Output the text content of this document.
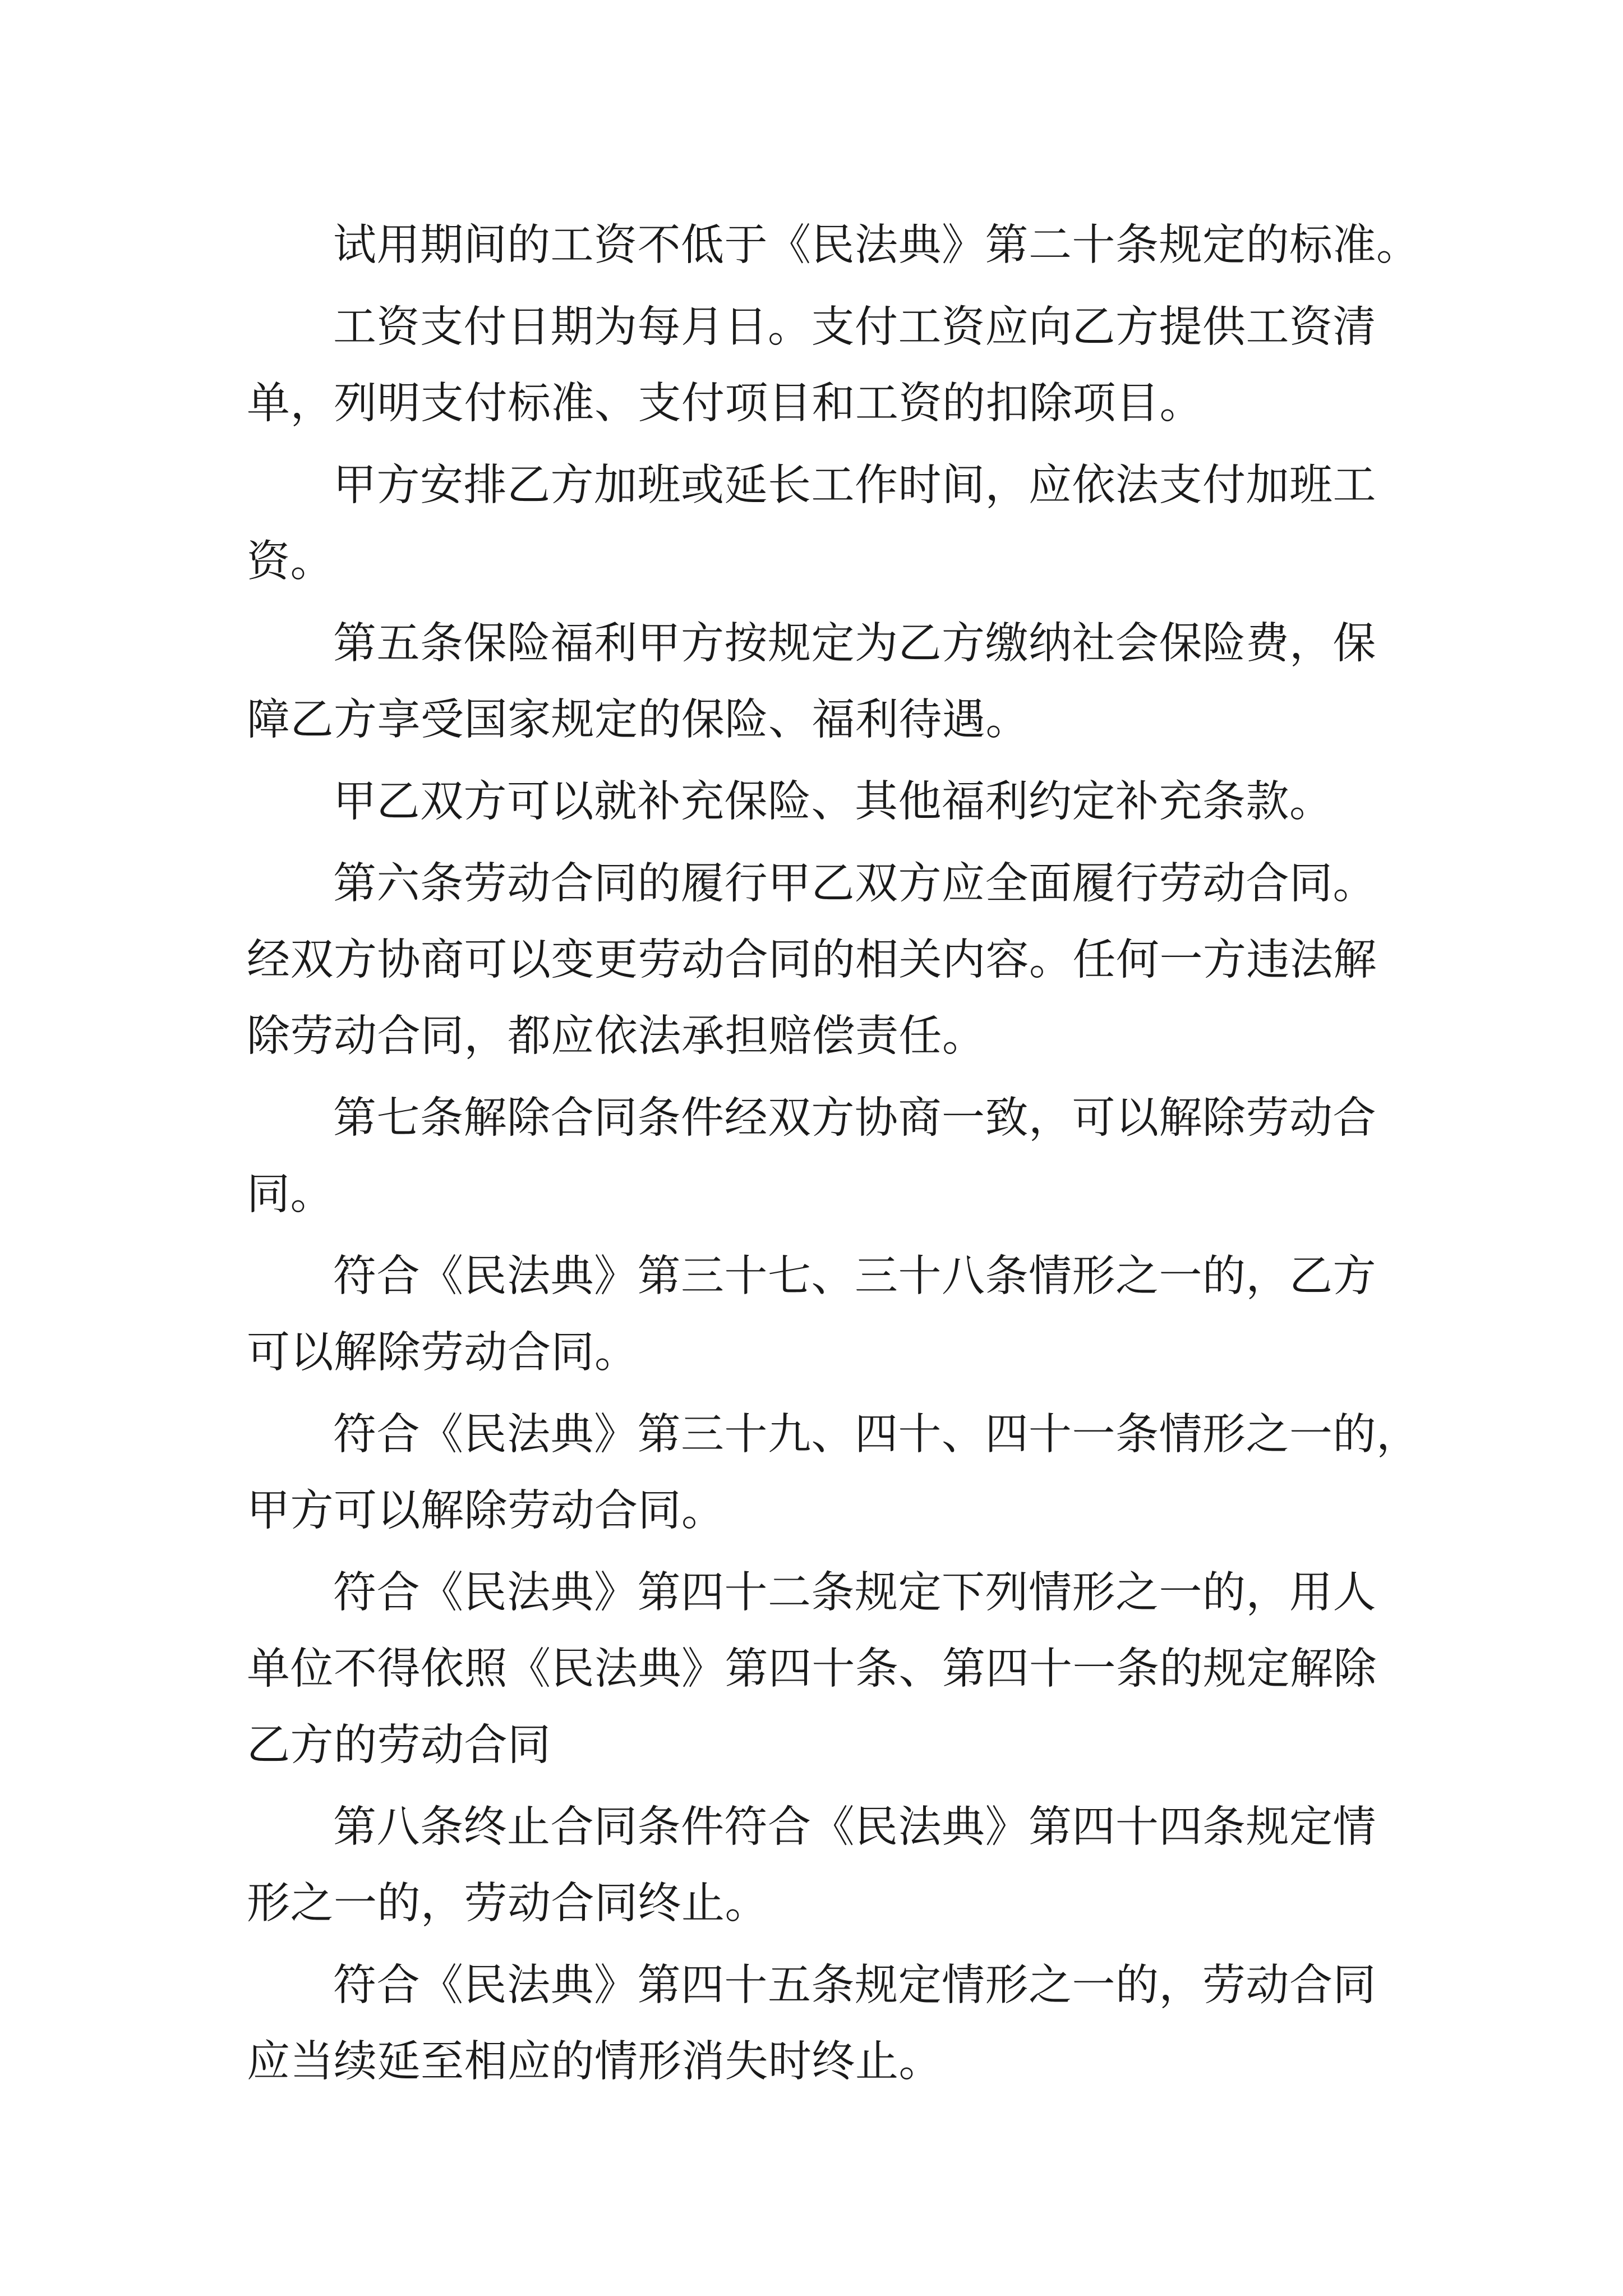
试用期间的工资不低于《民法典》第二十条规定的标准。

工资支付日期为每月日。支付工资应向乙方提供工资清
单，列明支付标准、支付项目和工资的扣除项目。

甲方安排乙方加班或延长工作时间，应依法支付加班工
资。

第五条保险福利甲方按规定为乙方缴纳社会保险费，保
障乙方享受国家规定的保险、福利待遇。

甲乙双方可以就补充保险、其他福利约定补充条款。

第六条劳动合同的履行甲乙双方应全面履行劳动合同。
经双方协商可以变更劳动合同的相关内容。任何一方违法解
除劳动合同，都应依法承担赔偿责任。

第七条解除合同条件经双方协商一致，可以解除劳动合
同。

符合《民法典》第三十七、三十八条情形之一的，乙方
可以解除劳动合同。

符合《民法典》第三十九、四十、四十一条情形之一的，
甲方可以解除劳动合同。

符合《民法典》第四十二条规定下列情形之一的，用人
单位不得依照《民法典》第四十条、第四十一条的规定解除
乙方的劳动合同

第八条终止合同条件符合《民法典》第四十四条规定情
形之一的，劳动合同终止。

符合《民法典》第四十五条规定情形之一的，劳动合同
应当续延至相应的情形消失时终止。
